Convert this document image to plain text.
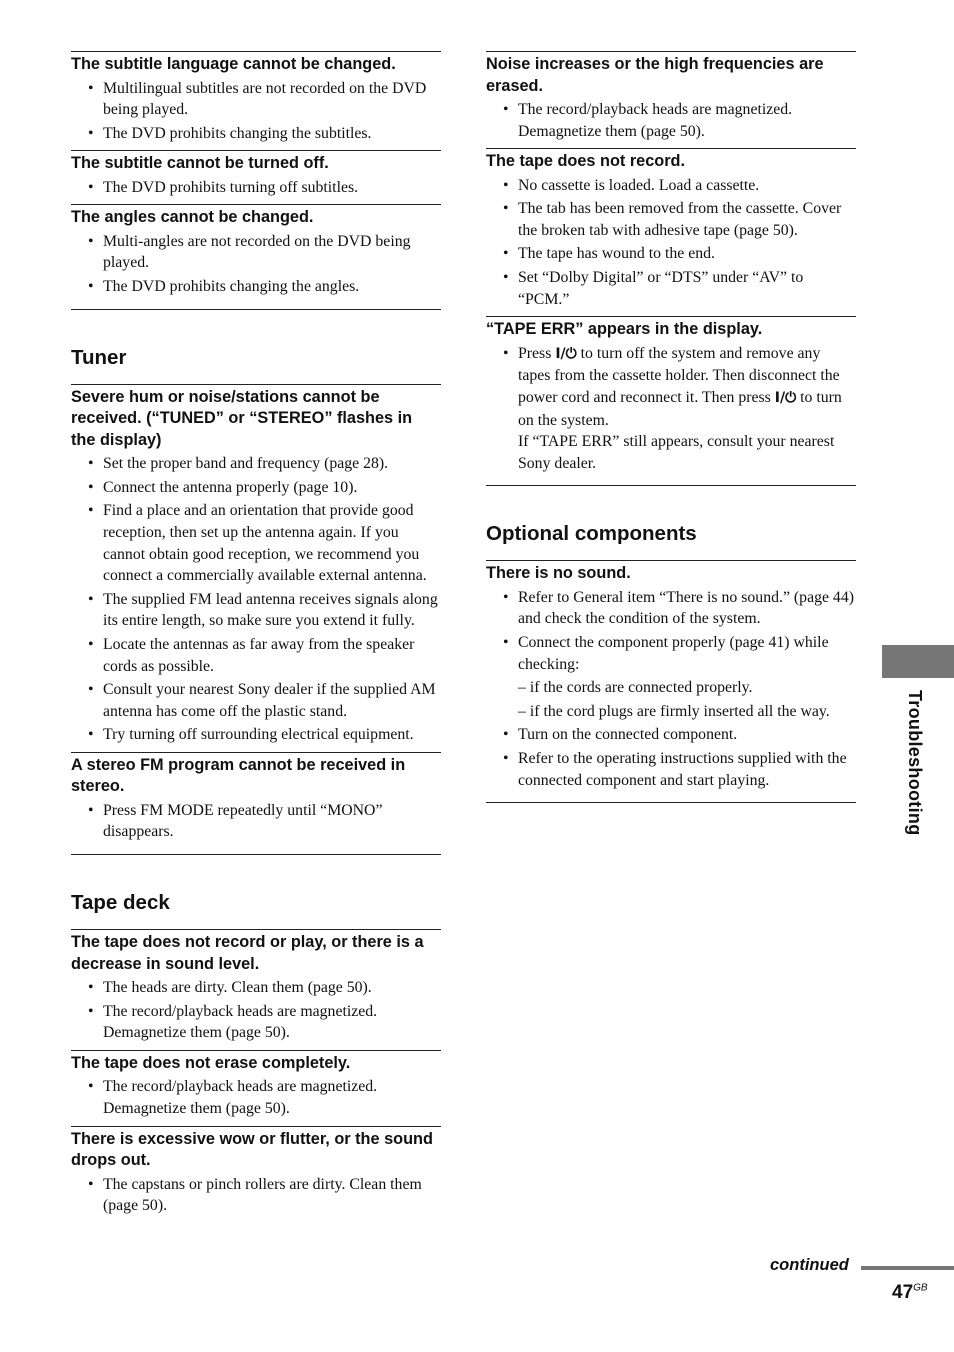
The subtitle language cannot be changed.

• Multilingual subtitles are not recorded on the DVD being played.
• The DVD prohibits changing the subtitles.

The subtitle cannot be turned off.

• The DVD prohibits turning off subtitles.

The angles cannot be changed.

• Multi-angles are not recorded on the DVD being played.
• The DVD prohibits changing the angles.
Tuner

Severe hum or noise/stations cannot be received. (“TUNED” or “STEREO” flashes in the display)

• Set the proper band and frequency (page 28).
• Connect the antenna properly (page 10).
• Find a place and an orientation that provide good reception, then set up the antenna again. If you cannot obtain good reception, we recommend you connect a commercially available external antenna.
• The supplied FM lead antenna receives signals along its entire length, so make sure you extend it fully.
• Locate the antennas as far away from the speaker cords as possible.
• Consult your nearest Sony dealer if the supplied AM antenna has come off the plastic stand.
• Try turning off surrounding electrical equipment.

A stereo FM program cannot be received in stereo.

• Press FM MODE repeatedly until “MONO” disappears.
Tape deck

The tape does not record or play, or there is a decrease in sound level.

• The heads are dirty. Clean them (page 50).
• The record/playback heads are magnetized. Demagnetize them (page 50).

The tape does not erase completely.

• The record/playback heads are magnetized. Demagnetize them (page 50).

There is excessive wow or flutter, or the sound drops out.

• The capstans or pinch rollers are dirty. Clean them (page 50).

Noise increases or the high frequencies are erased.

• The record/playback heads are magnetized. Demagnetize them (page 50).

The tape does not record.

• No cassette is loaded. Load a cassette.
• The tab has been removed from the cassette. Cover the broken tab with adhesive tape (page 50).
• The tape has wound to the end.
• Set “Dolby Digital” or “DTS” under “AV” to “PCM.”

“TAPE ERR” appears in the display.

• Press I/⏻ to turn off the system and remove any tapes from the cassette holder. Then disconnect the power cord and reconnect it. Then press I/⏻ to turn on the system.
If “TAPE ERR” still appears, consult your nearest Sony dealer.
Optional components

There is no sound.

• Refer to General item “There is no sound.” (page 44) and check the condition of the system.
• Connect the component properly (page 41) while checking:
– if the cords are connected properly.
– if the cord plugs are firmly inserted all the way.
• Turn on the connected component.
• Refer to the operating instructions supplied with the connected component and start playing.	Troubleshooting
continued
$47^{GB}$
